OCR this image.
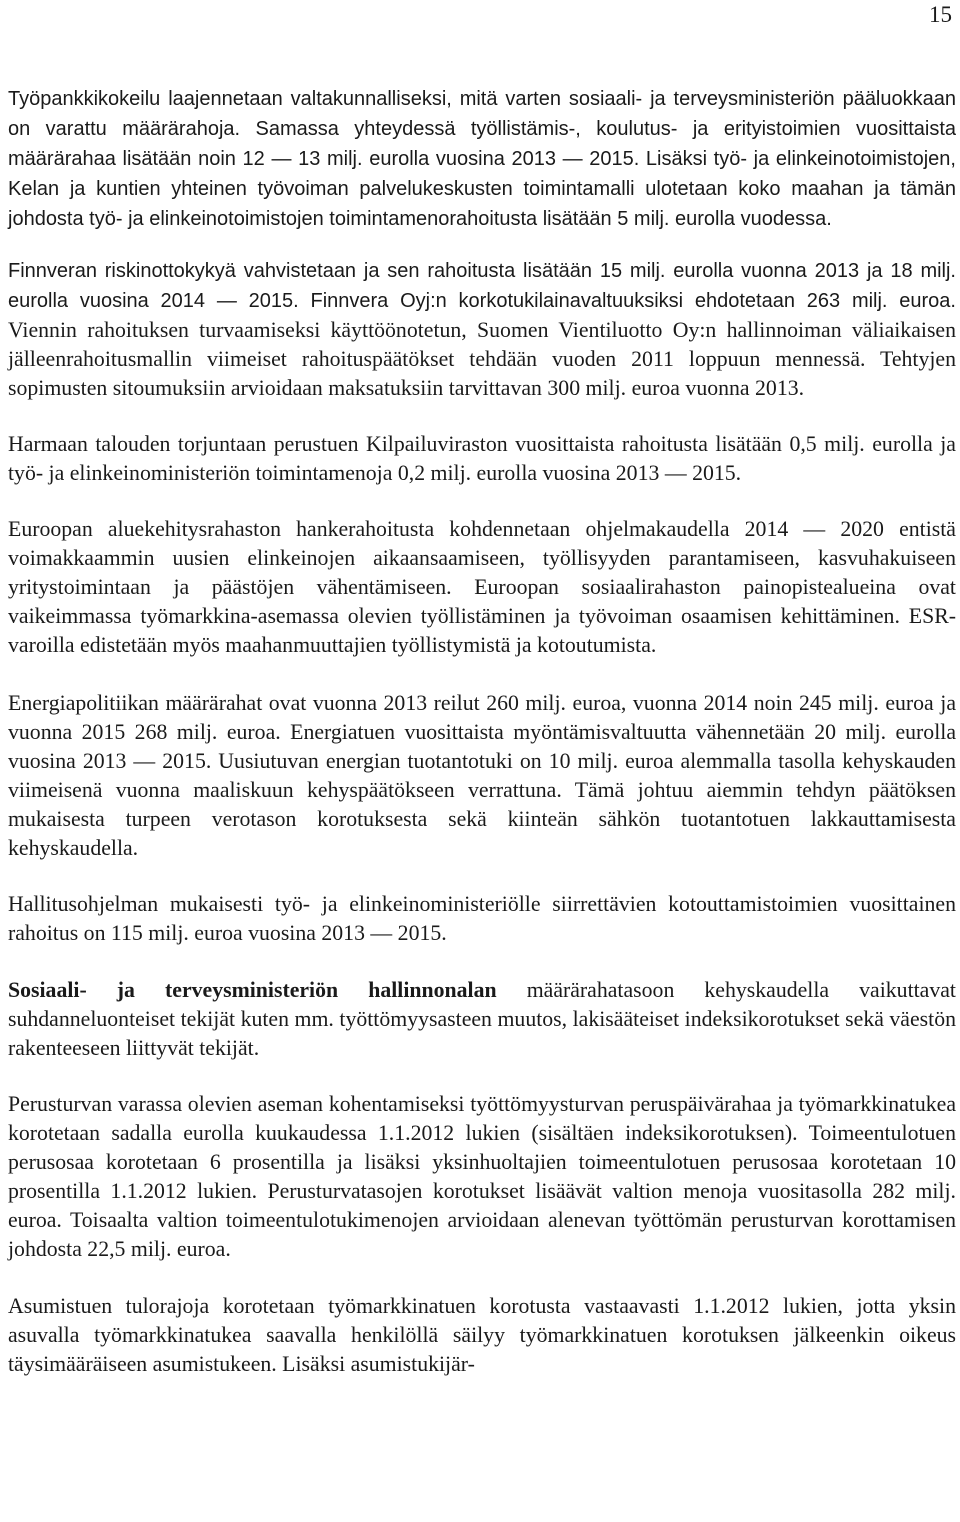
15

Työpankkikokeilu laajennetaan valtakunnalliseksi, mitä varten sosiaali- ja terveysministeriön pääluokkaan on varattu määrärahoja. Samassa yhteydessä työllistämis-, koulutus- ja erityistoimien vuosittaista määrärahaa lisätään noin 12 — 13 milj. eurolla vuosina 2013 — 2015. Lisäksi työ- ja elinkeinotoimistojen, Kelan ja kuntien yhteinen työvoiman palvelukeskusten toimintamalli ulotetaan koko maahan ja tämän johdosta työ- ja elinkeinotoimistojen toimintamenorahoitusta lisätään 5 milj. eurolla vuodessa.

Finnveran riskinottokykyä vahvistetaan ja sen rahoitusta lisätään 15 milj. eurolla vuonna 2013 ja 18 milj. eurolla vuosina 2014 — 2015. Finnvera Oyj:n korkotukilainavaltuuksiksi ehdotetaan 263 milj. euroa. Viennin rahoituksen turvaamiseksi käyttöönotetun, Suomen Vientiluotto Oy:n hallinnoiman väliaikaisen jälleenrahoitusmallin viimeiset rahoituspäätökset tehdään vuoden 2011 loppuun mennessä. Tehtyjen sopimusten sitoumuksiin arvioidaan maksatuksiin tarvittavan 300 milj. euroa vuonna 2013.

Harmaan talouden torjuntaan perustuen Kilpailuviraston vuosittaista rahoitusta lisätään 0,5 milj. eurolla ja työ- ja elinkeinoministeriön toimintamenoja 0,2 milj. eurolla vuosina 2013 — 2015.

Euroopan aluekehitysrahaston hankerahoitusta kohdennetaan ohjelmakaudella 2014 — 2020 entistä voimakkaammin uusien elinkeinojen aikaansaamiseen, työllisyyden parantamiseen, kasvuhakuiseen yritystoimintaan ja päästöjen vähentämiseen. Euroopan sosiaalirahaston painopistealueina ovat vaikeimmassa työmarkkina-asemassa olevien työllistäminen ja työvoiman osaamisen kehittäminen. ESR-varoilla edistetään myös maahanmuuttajien työllistymistä ja kotoutumista.

Energiapolitiikan määrärahat ovat vuonna 2013 reilut 260 milj. euroa, vuonna 2014 noin 245 milj. euroa ja vuonna 2015 268 milj. euroa. Energiatuen vuosittaista myöntämisvaltuutta vähennetään 20 milj. eurolla vuosina 2013 — 2015. Uusiutuvan energian tuotantotuki on 10 milj. euroa alemmalla tasolla kehyskauden viimeisenä vuonna maaliskuun kehyspäätökseen verrattuna. Tämä johtuu aiemmin tehdyn päätöksen mukaisesta turpeen verotason korotuksesta sekä kiinteän sähkön tuotantotuen lakkauttamisesta kehyskaudella.

Hallitusohjelman mukaisesti työ- ja elinkeinoministeriölle siirrettävien kotouttamistoimien vuosittainen rahoitus on 115 milj. euroa vuosina 2013 — 2015.

Sosiaali- ja terveysministeriön hallinnonalan määrärahatasoon kehyskaudella vaikuttavat suhdanneluonteiset tekijät kuten mm. työttömyysasteen muutos, lakisääteiset indeksikorotukset sekä väestön rakenteeseen liittyvät tekijät.

Perusturvan varassa olevien aseman kohentamiseksi työttömyysturvan peruspäivärahaa ja työmarkkinatukea korotetaan sadalla eurolla kuukaudessa 1.1.2012 lukien (sisältäen indeksikorotuksen). Toimeentulotuen perusosaa korotetaan 6 prosentilla ja lisäksi yksinhuoltajien toimeentulotuen perusosaa korotetaan 10 prosentilla 1.1.2012 lukien. Perusturvatasojen korotukset lisäävät valtion menoja vuositasolla 282 milj. euroa. Toisaalta valtion toimeentulotukimenojen arvioidaan alenevan työttömän perusturvan korottamisen johdosta 22,5 milj. euroa.

Asumistuen tulorajoja korotetaan työmarkkinatuen korotusta vastaavasti 1.1.2012 lukien, jotta yksin asuvalla työmarkkinatukea saavalla henkilöllä säilyy työmarkkinatuen korotuksen jälkeenkin oikeus täysimääräiseen asumistukeen. Lisäksi asumistukijär-
